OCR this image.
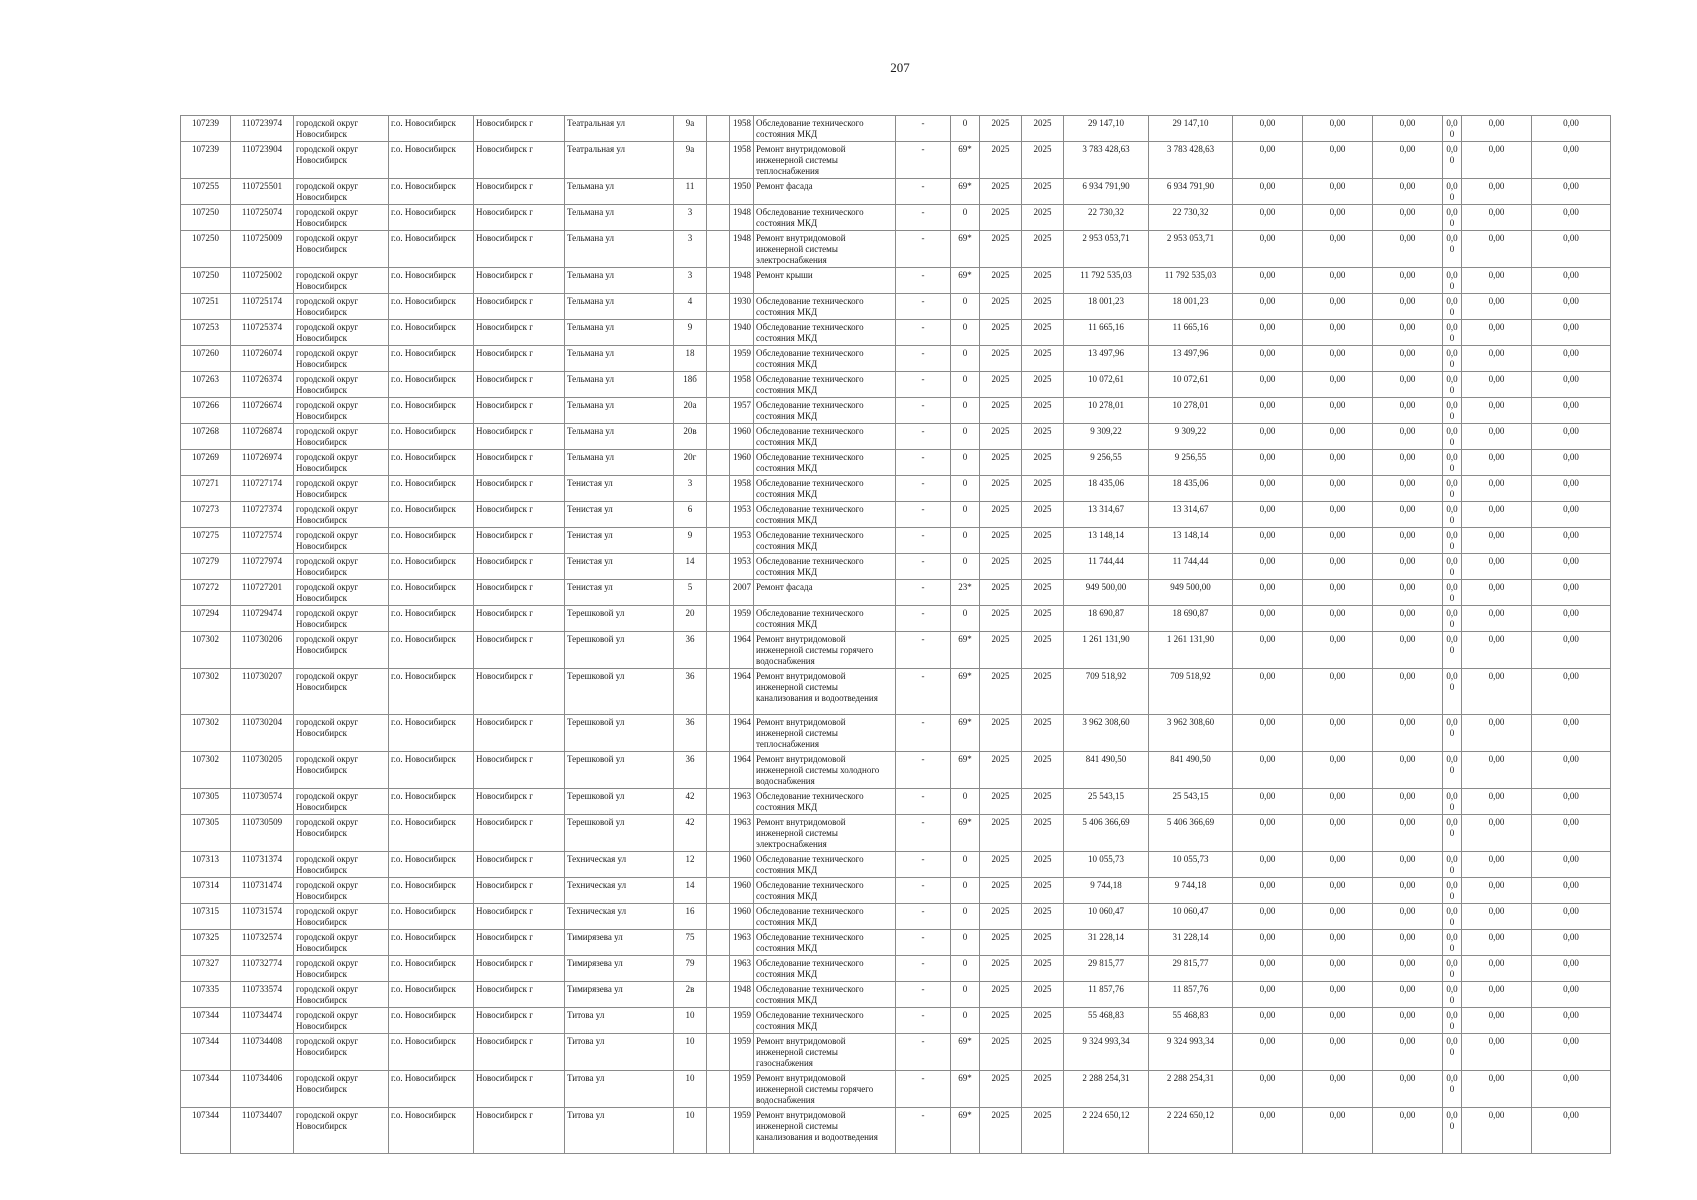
207
107239	110723974	городской округ Новосибирск	г.о. Новосибирск	Новосибирск г	Театральная ул	9а		1958	Обследование технического состояния МКД	-	0	2025	2025	29 147,10	29 147,10	0,00	0,00	0,00	0,00	0,00	0,00
107239	110723904	городской округ Новосибирск	г.о. Новосибирск	Новосибирск г	Театральная ул	9а		1958	Ремонт внутридомовой инженерной системы теплоснабжения	-	69*	2025	2025	3 783 428,63	3 783 428,63	0,00	0,00	0,00	0,00	0,00	0,00
107255	110725501	городской округ Новосибирск	г.о. Новосибирск	Новосибирск г	Тельмана ул	11		1950	Ремонт фасада	-	69*	2025	2025	6 934 791,90	6 934 791,90	0,00	0,00	0,00	0,00	0,00	0,00
107250	110725074	городской округ Новосибирск	г.о. Новосибирск	Новосибирск г	Тельмана ул	3		1948	Обследование технического состояния МКД	-	0	2025	2025	22 730,32	22 730,32	0,00	0,00	0,00	0,00	0,00	0,00
107250	110725009	городской округ Новосибирск	г.о. Новосибирск	Новосибирск г	Тельмана ул	3		1948	Ремонт внутридомовой инженерной системы электроснабжения	-	69*	2025	2025	2 953 053,71	2 953 053,71	0,00	0,00	0,00	0,00	0,00	0,00
107250	110725002	городской округ Новосибирск	г.о. Новосибирск	Новосибирск г	Тельмана ул	3		1948	Ремонт крыши	-	69*	2025	2025	11 792 535,03	11 792 535,03	0,00	0,00	0,00	0,00	0,00	0,00
107251	110725174	городской округ Новосибирск	г.о. Новосибирск	Новосибирск г	Тельмана ул	4		1930	Обследование технического состояния МКД	-	0	2025	2025	18 001,23	18 001,23	0,00	0,00	0,00	0,00	0,00	0,00
107253	110725374	городской округ Новосибирск	г.о. Новосибирск	Новосибирск г	Тельмана ул	9		1940	Обследование технического состояния МКД	-	0	2025	2025	11 665,16	11 665,16	0,00	0,00	0,00	0,00	0,00	0,00
107260	110726074	городской округ Новосибирск	г.о. Новосибирск	Новосибирск г	Тельмана ул	18		1959	Обследование технического состояния МКД	-	0	2025	2025	13 497,96	13 497,96	0,00	0,00	0,00	0,00	0,00	0,00
107263	110726374	городской округ Новосибирск	г.о. Новосибирск	Новосибирск г	Тельмана ул	18б		1958	Обследование технического состояния МКД	-	0	2025	2025	10 072,61	10 072,61	0,00	0,00	0,00	0,00	0,00	0,00
107266	110726674	городской округ Новосибирск	г.о. Новосибирск	Новосибирск г	Тельмана ул	20а		1957	Обследование технического состояния МКД	-	0	2025	2025	10 278,01	10 278,01	0,00	0,00	0,00	0,00	0,00	0,00
107268	110726874	городской округ Новосибирск	г.о. Новосибирск	Новосибирск г	Тельмана ул	20в		1960	Обследование технического состояния МКД	-	0	2025	2025	9 309,22	9 309,22	0,00	0,00	0,00	0,00	0,00	0,00
107269	110726974	городской округ Новосибирск	г.о. Новосибирск	Новосибирск г	Тельмана ул	20г		1960	Обследование технического состояния МКД	-	0	2025	2025	9 256,55	9 256,55	0,00	0,00	0,00	0,00	0,00	0,00
107271	110727174	городской округ Новосибирск	г.о. Новосибирск	Новосибирск г	Тенистая ул	3		1958	Обследование технического состояния МКД	-	0	2025	2025	18 435,06	18 435,06	0,00	0,00	0,00	0,00	0,00	0,00
107273	110727374	городской округ Новосибирск	г.о. Новосибирск	Новосибирск г	Тенистая ул	6		1953	Обследование технического состояния МКД	-	0	2025	2025	13 314,67	13 314,67	0,00	0,00	0,00	0,00	0,00	0,00
107275	110727574	городской округ Новосибирск	г.о. Новосибирск	Новосибирск г	Тенистая ул	9		1953	Обследование технического состояния МКД	-	0	2025	2025	13 148,14	13 148,14	0,00	0,00	0,00	0,00	0,00	0,00
107279	110727974	городской округ Новосибирск	г.о. Новосибирск	Новосибирск г	Тенистая ул	14		1953	Обследование технического состояния МКД	-	0	2025	2025	11 744,44	11 744,44	0,00	0,00	0,00	0,00	0,00	0,00
107272	110727201	городской округ Новосибирск	г.о. Новосибирск	Новосибирск г	Тенистая ул	5		2007	Ремонт фасада	-	23*	2025	2025	949 500,00	949 500,00	0,00	0,00	0,00	0,00	0,00	0,00
107294	110729474	городской округ Новосибирск	г.о. Новосибирск	Новосибирск г	Терешковой ул	20		1959	Обследование технического состояния МКД	-	0	2025	2025	18 690,87	18 690,87	0,00	0,00	0,00	0,00	0,00	0,00
107302	110730206	городской округ Новосибирск	г.о. Новосибирск	Новосибирск г	Терешковой ул	36		1964	Ремонт внутридомовой инженерной системы горячего водоснабжения	-	69*	2025	2025	1 261 131,90	1 261 131,90	0,00	0,00	0,00	0,00	0,00	0,00
107302	110730207	городской округ Новосибирск	г.о. Новосибирск	Новосибирск г	Терешковой ул	36		1964	Ремонт внутридомовой инженерной системы канализования и водоотведения	-	69*	2025	2025	709 518,92	709 518,92	0,00	0,00	0,00	0,00	0,00	0,00
107302	110730204	городской округ Новосибирск	г.о. Новосибирск	Новосибирск г	Терешковой ул	36		1964	Ремонт внутридомовой инженерной системы теплоснабжения	-	69*	2025	2025	3 962 308,60	3 962 308,60	0,00	0,00	0,00	0,00	0,00	0,00
107302	110730205	городской округ Новосибирск	г.о. Новосибирск	Новосибирск г	Терешковой ул	36		1964	Ремонт внутридомовой инженерной системы холодного водоснабжения	-	69*	2025	2025	841 490,50	841 490,50	0,00	0,00	0,00	0,00	0,00	0,00
107305	110730574	городской округ Новосибирск	г.о. Новосибирск	Новосибирск г	Терешковой ул	42		1963	Обследование технического состояния МКД	-	0	2025	2025	25 543,15	25 543,15	0,00	0,00	0,00	0,00	0,00	0,00
107305	110730509	городской округ Новосибирск	г.о. Новосибирск	Новосибирск г	Терешковой ул	42		1963	Ремонт внутридомовой инженерной системы электроснабжения	-	69*	2025	2025	5 406 366,69	5 406 366,69	0,00	0,00	0,00	0,00	0,00	0,00
107313	110731374	городской округ Новосибирск	г.о. Новосибирск	Новосибирск г	Техническая ул	12		1960	Обследование технического состояния МКД	-	0	2025	2025	10 055,73	10 055,73	0,00	0,00	0,00	0,00	0,00	0,00
107314	110731474	городской округ Новосибирск	г.о. Новосибирск	Новосибирск г	Техническая ул	14		1960	Обследование технического состояния МКД	-	0	2025	2025	9 744,18	9 744,18	0,00	0,00	0,00	0,00	0,00	0,00
107315	110731574	городской округ Новосибирск	г.о. Новосибирск	Новосибирск г	Техническая ул	16		1960	Обследование технического состояния МКД	-	0	2025	2025	10 060,47	10 060,47	0,00	0,00	0,00	0,00	0,00	0,00
107325	110732574	городской округ Новосибирск	г.о. Новосибирск	Новосибирск г	Тимирязева ул	75		1963	Обследование технического состояния МКД	-	0	2025	2025	31 228,14	31 228,14	0,00	0,00	0,00	0,00	0,00	0,00
107327	110732774	городской округ Новосибирск	г.о. Новосибирск	Новосибирск г	Тимирязева ул	79		1963	Обследование технического состояния МКД	-	0	2025	2025	29 815,77	29 815,77	0,00	0,00	0,00	0,00	0,00	0,00
107335	110733574	городской округ Новосибирск	г.о. Новосибирск	Новосибирск г	Тимирязева ул	2в		1948	Обследование технического состояния МКД	-	0	2025	2025	11 857,76	11 857,76	0,00	0,00	0,00	0,00	0,00	0,00
107344	110734474	городской округ Новосибирск	г.о. Новосибирск	Новосибирск г	Титова ул	10		1959	Обследование технического состояния МКД	-	0	2025	2025	55 468,83	55 468,83	0,00	0,00	0,00	0,00	0,00	0,00
107344	110734408	городской округ Новосибирск	г.о. Новосибирск	Новосибирск г	Титова ул	10		1959	Ремонт внутридомовой инженерной системы газоснабжения	-	69*	2025	2025	9 324 993,34	9 324 993,34	0,00	0,00	0,00	0,00	0,00	0,00
107344	110734406	городской округ Новосибирск	г.о. Новосибирск	Новосибирск г	Титова ул	10		1959	Ремонт внутридомовой инженерной системы горячего водоснабжения	-	69*	2025	2025	2 288 254,31	2 288 254,31	0,00	0,00	0,00	0,00	0,00	0,00
107344	110734407	городской округ Новосибирск	г.о. Новосибирск	Новосибирск г	Титова ул	10		1959	Ремонт внутридомовой инженерной системы канализования и водоотведения	-	69*	2025	2025	2 224 650,12	2 224 650,12	0,00	0,00	0,00	0,00	0,00	0,00
